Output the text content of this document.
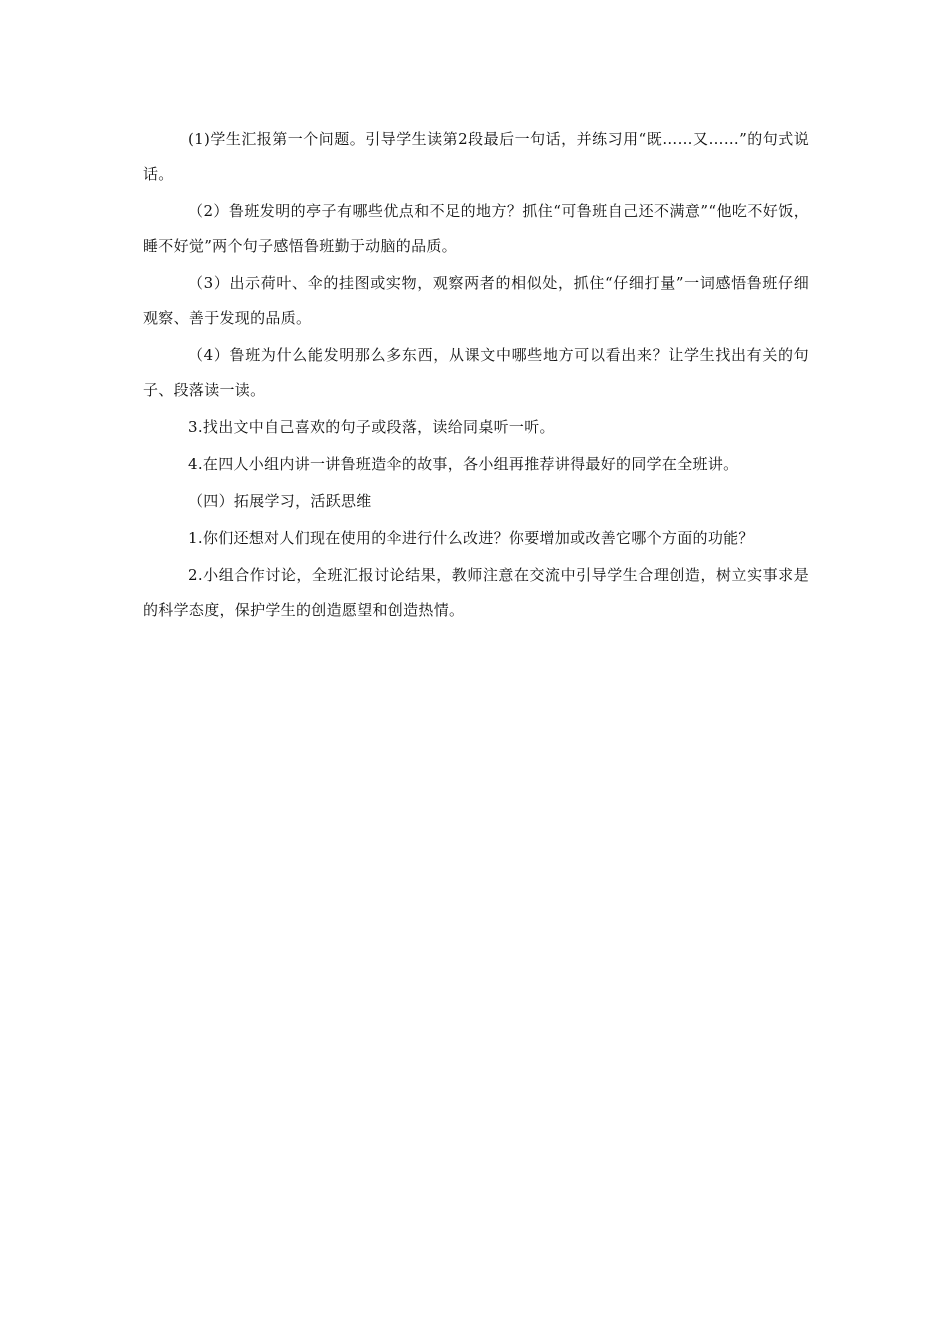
(1)学生汇报第一个问题。引导学生读第2段最后一句话，并练习用“既……又……”的句式说话。

（2）鲁班发明的亭子有哪些优点和不足的地方？抓住“可鲁班自己还不满意”“他吃不好饭，睡不好觉”两个句子感悟鲁班勤于动脑的品质。

（3）出示荷叶、伞的挂图或实物，观察两者的相似处，抓住“仔细打量”一词感悟鲁班仔细观察、善于发现的品质。

（4）鲁班为什么能发明那么多东西，从课文中哪些地方可以看出来？让学生找出有关的句子、段落读一读。

3.找出文中自己喜欢的句子或段落，读给同桌听一听。

4.在四人小组内讲一讲鲁班造伞的故事，各小组再推荐讲得最好的同学在全班讲。

（四）拓展学习，活跃思维

1.你们还想对人们现在使用的伞进行什么改进？你要增加或改善它哪个方面的功能？

2.小组合作讨论，全班汇报讨论结果，教师注意在交流中引导学生合理创造，树立实事求是的科学态度，保护学生的创造愿望和创造热情。
